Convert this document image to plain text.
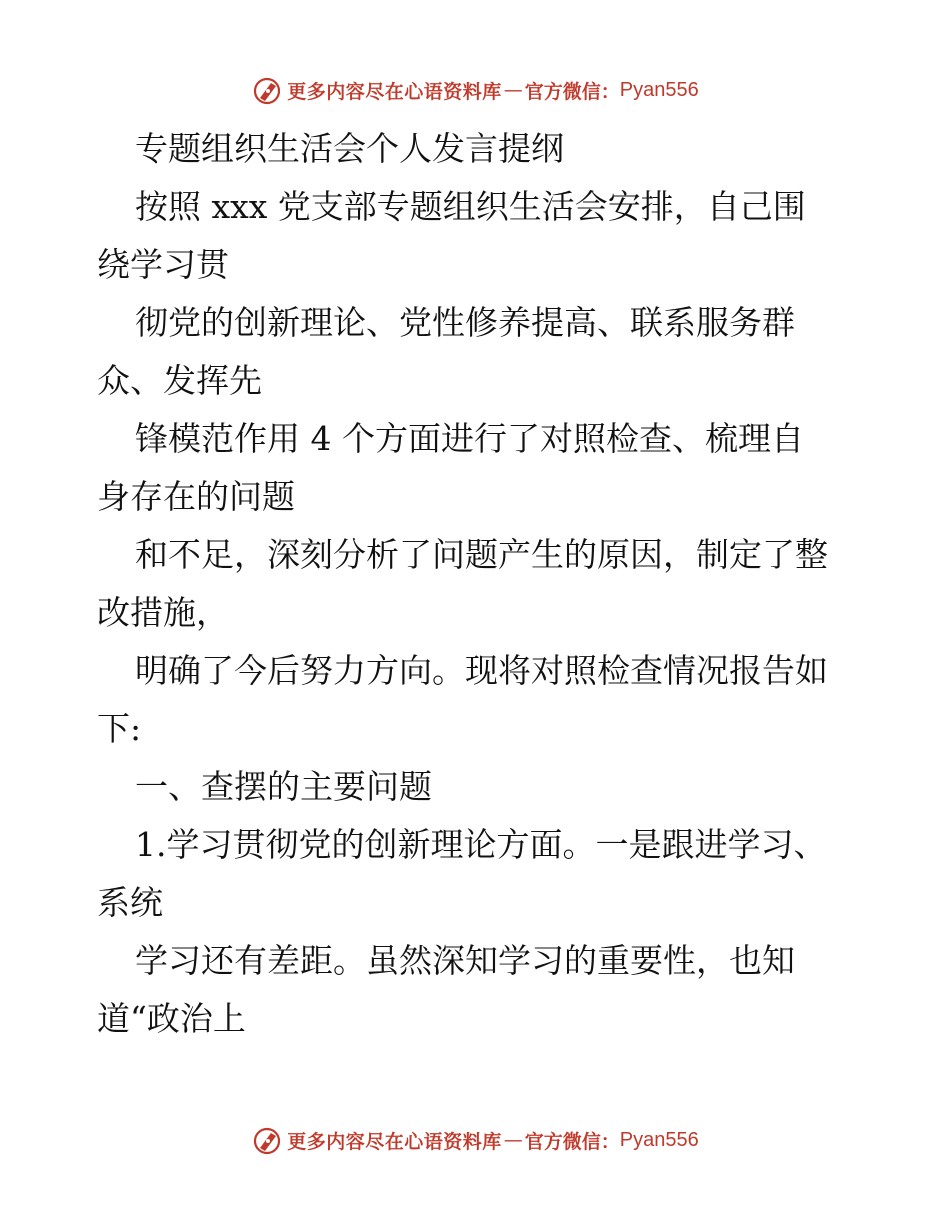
更多内容尽在心语资料库 — 官方微信： Pyan556
专题组织生活会个人发言提纲
按照 xxx 党支部专题组织生活会安排，自己围
绕学习贯
彻党的创新理论、党性修养提高、联系服务群
众、发挥先
锋模范作用 4 个方面进行了对照检查、梳理自
身存在的问题
和不足，深刻分析了问题产生的原因，制定了整
改措施，
明确了今后努力方向。现将对照检查情况报告如
下:
一、查摆的主要问题
1.学习贯彻党的创新理论方面。一是跟进学习、
系统
学习还有差距。虽然深知学习的重要性，也知
道“政治上
更多内容尽在心语资料库 — 官方微信： Pyan556
